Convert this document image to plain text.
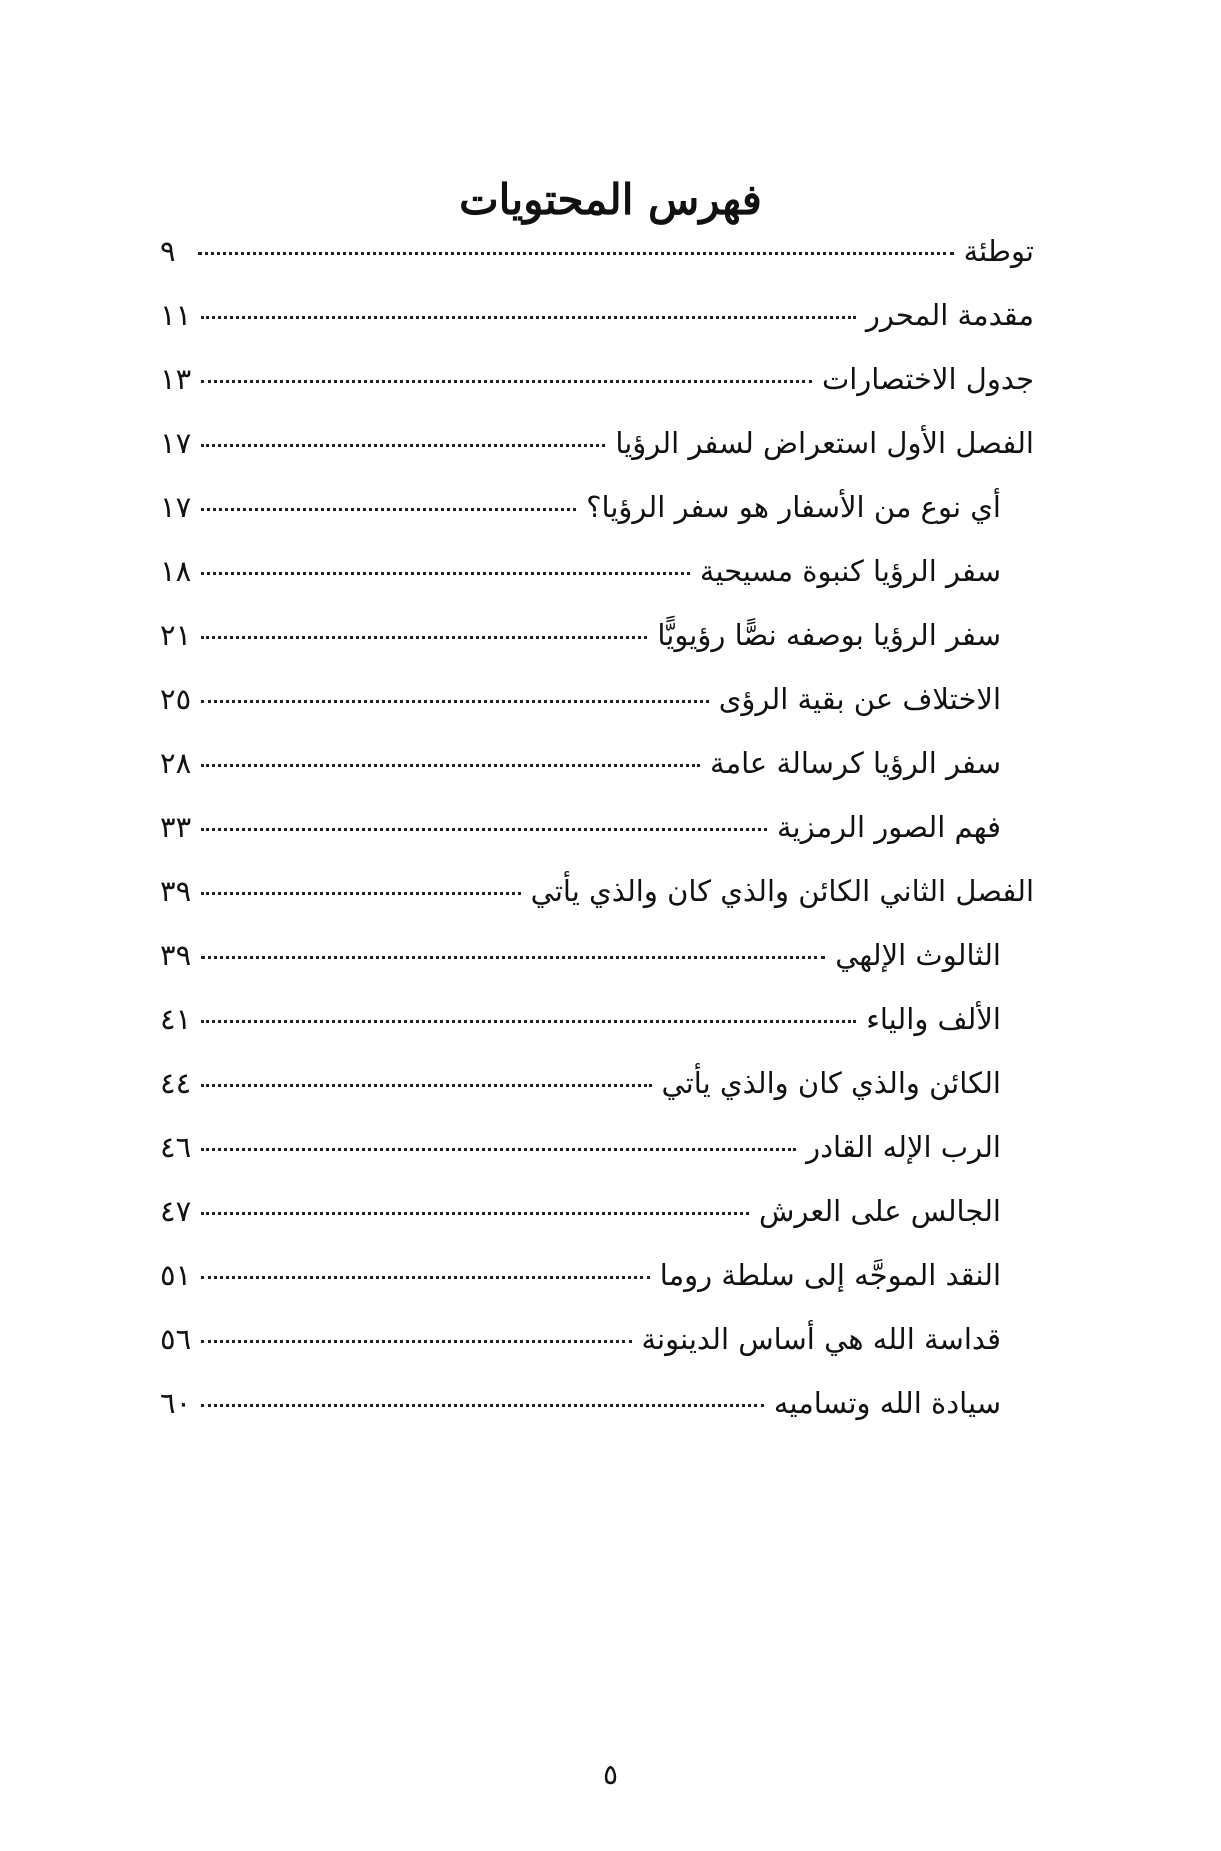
فهرس المحتويات
توطئة
٩
مقدمة المحرر
١١
جدول الاختصارات
١٣
الفصل الأول استعراض لسفر الرؤيا
١٧
أي نوع من الأسفار هو سفر الرؤيا؟
١٧
سفر الرؤيا كنبوة مسيحية
١٨
سفر الرؤيا بوصفه نصًّا رؤيويًّا
٢١
الاختلاف عن بقية الرؤى
٢٥
سفر الرؤيا كرسالة عامة
٢٨
فهم الصور الرمزية
٣٣
الفصل الثاني الكائن والذي كان والذي يأتي
٣٩
الثالوث الإلهي
٣٩
الألف والياء
٤١
الكائن والذي كان والذي يأتي
٤٤
الرب الإله القادر
٤٦
الجالس على العرش
٤٧
النقد الموجَّه إلى سلطة روما
٥١
قداسة الله هي أساس الدينونة
٥٦
سيادة الله وتساميه
٦٠
٥
